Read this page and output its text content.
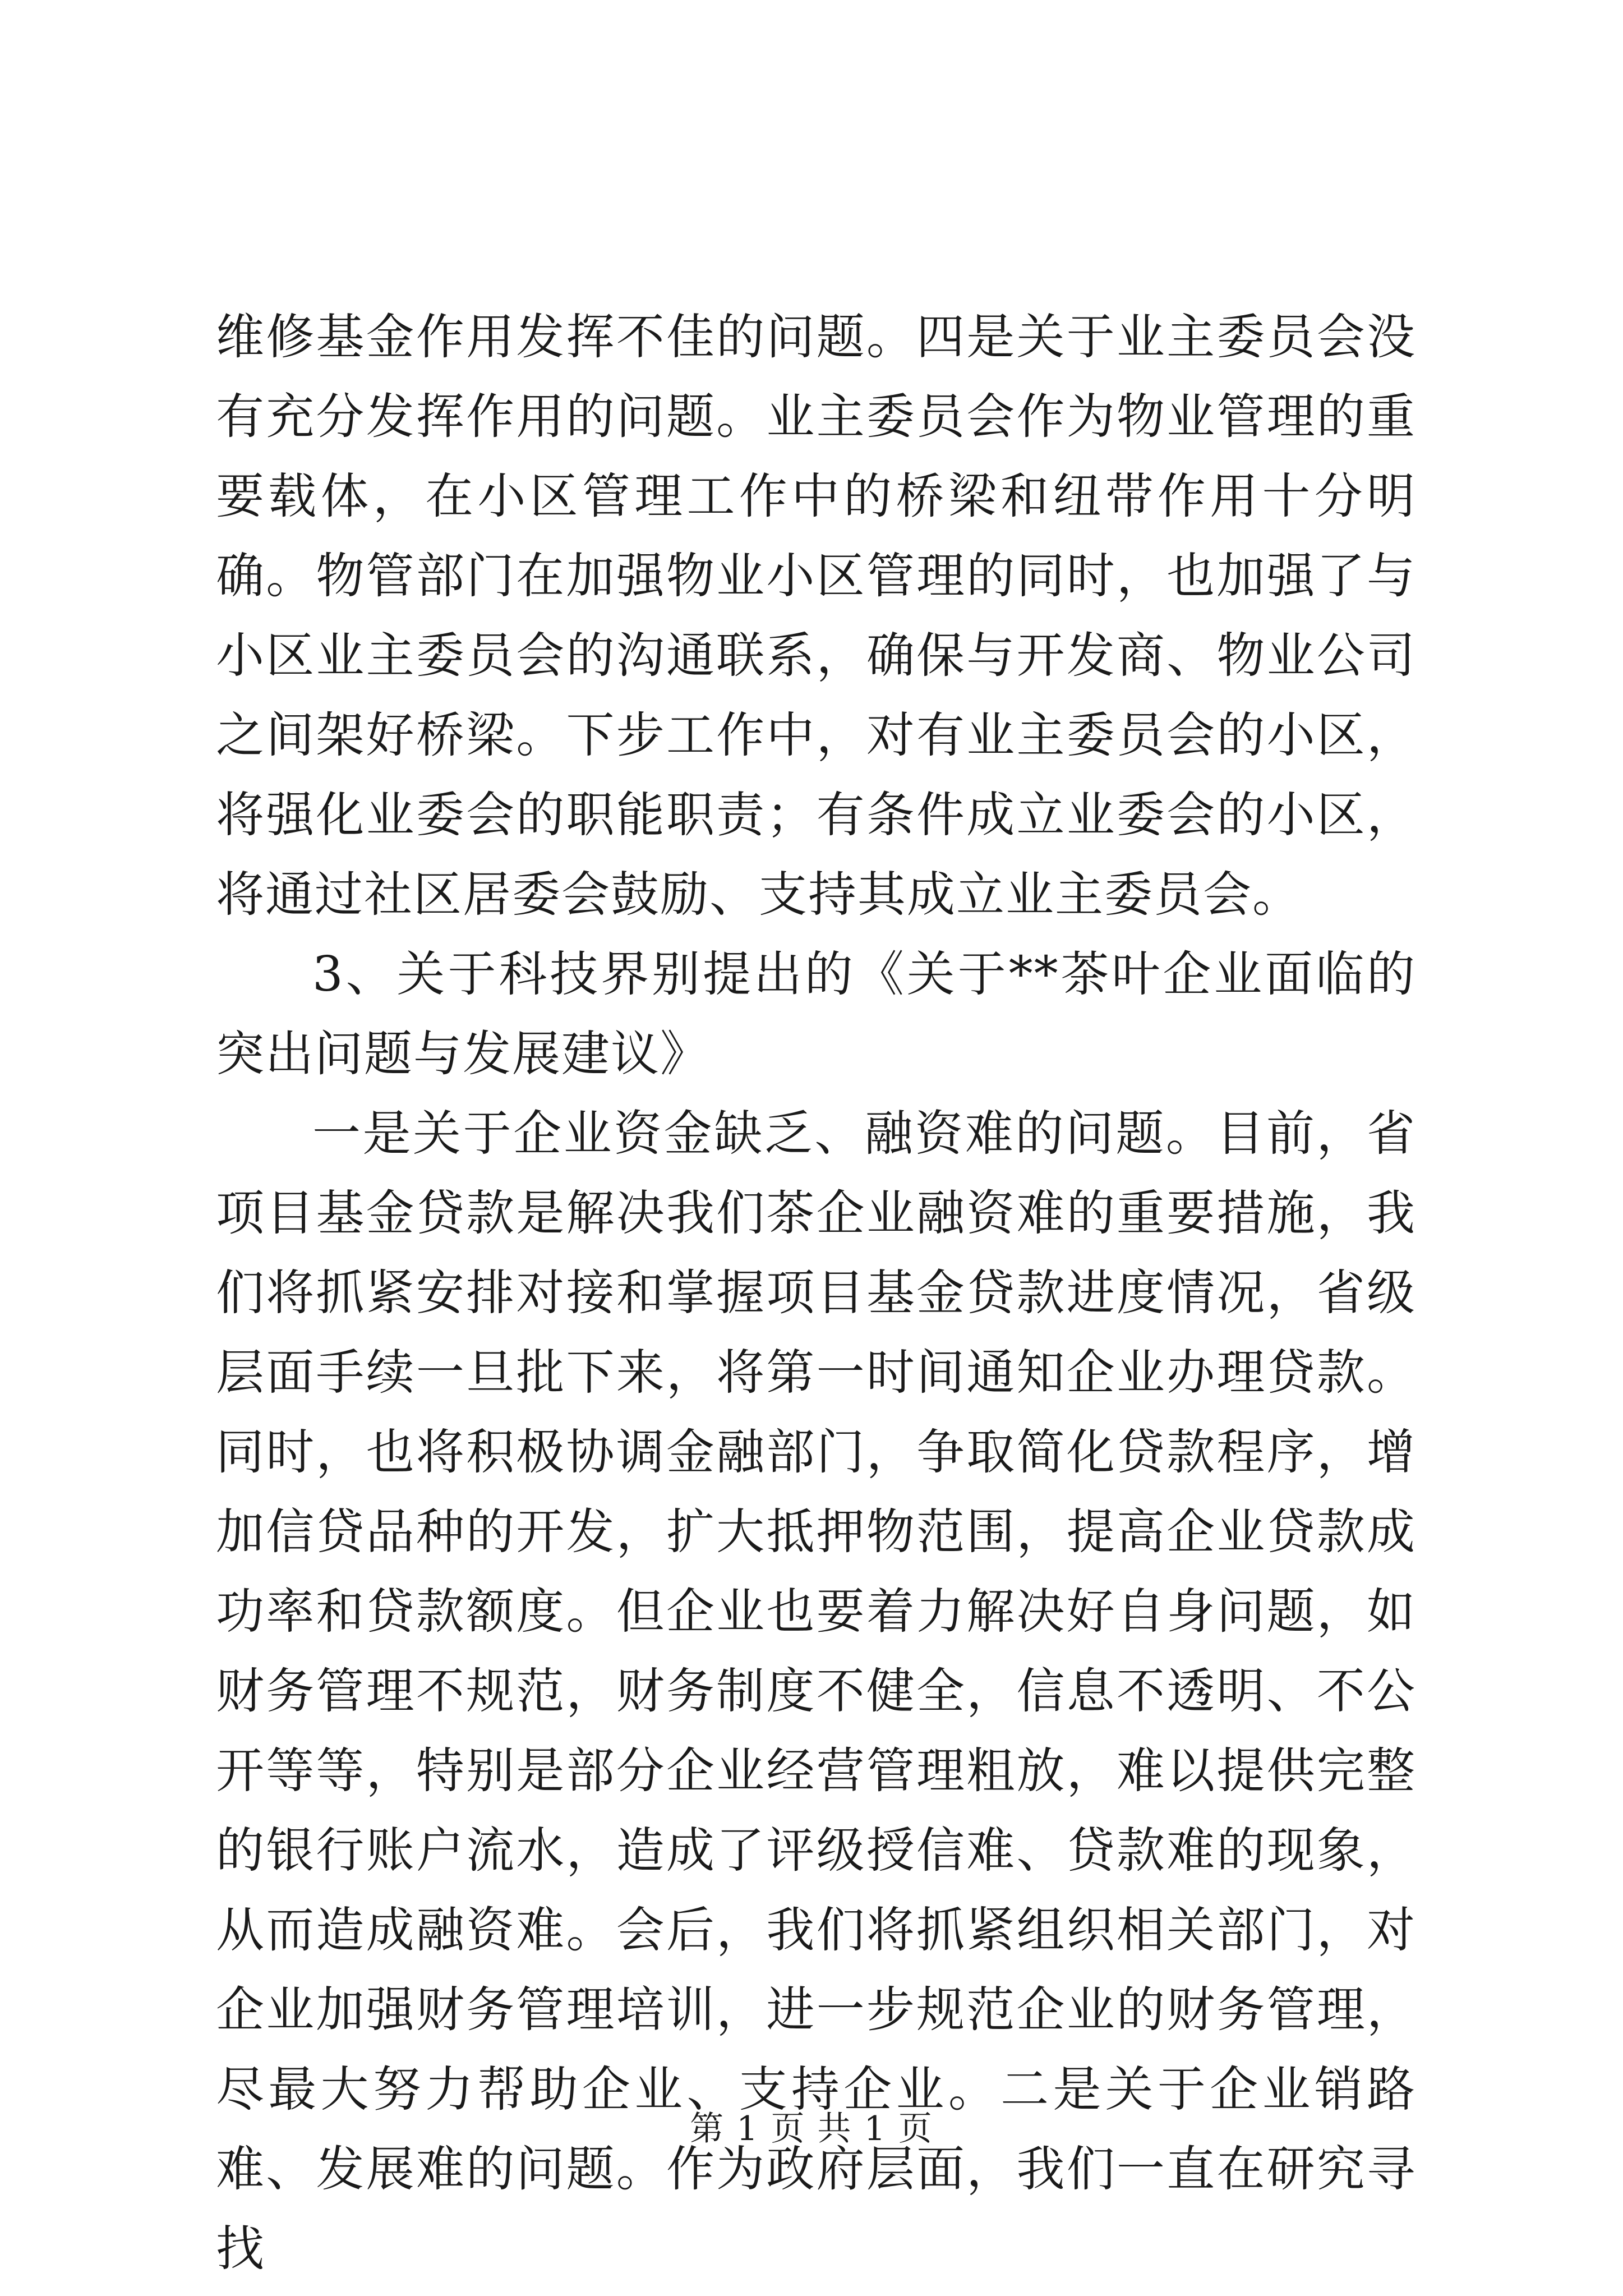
维修基金作用发挥不佳的问题。四是关于业主委员会没有充分发挥作用的问题。业主委员会作为物业管理的重要载体，在小区管理工作中的桥梁和纽带作用十分明确。物管部门在加强物业小区管理的同时，也加强了与小区业主委员会的沟通联系，确保与开发商、物业公司之间架好桥梁。下步工作中，对有业主委员会的小区，将强化业委会的职能职责；有条件成立业委会的小区，将通过社区居委会鼓励、支持其成立业主委员会。

3、关于科技界别提出的《关于**茶叶企业面临的突出问题与发展建议》

一是关于企业资金缺乏、融资难的问题。目前，省项目基金贷款是解决我们茶企业融资难的重要措施，我们将抓紧安排对接和掌握项目基金贷款进度情况，省级层面手续一旦批下来，将第一时间通知企业办理贷款。同时，也将积极协调金融部门，争取简化贷款程序，增加信贷品种的开发，扩大抵押物范围，提高企业贷款成功率和贷款额度。但企业也要着力解决好自身问题，如财务管理不规范，财务制度不健全，信息不透明、不公开等等，特别是部分企业经营管理粗放，难以提供完整的银行账户流水，造成了评级授信难、贷款难的现象，从而造成融资难。会后，我们将抓紧组织相关部门，对企业加强财务管理培训，进一步规范企业的财务管理，尽最大努力帮助企业、支持企业。二是关于企业销路难、发展难的问题。作为政府层面，我们一直在研究寻找

第 1 页 共 1 页
